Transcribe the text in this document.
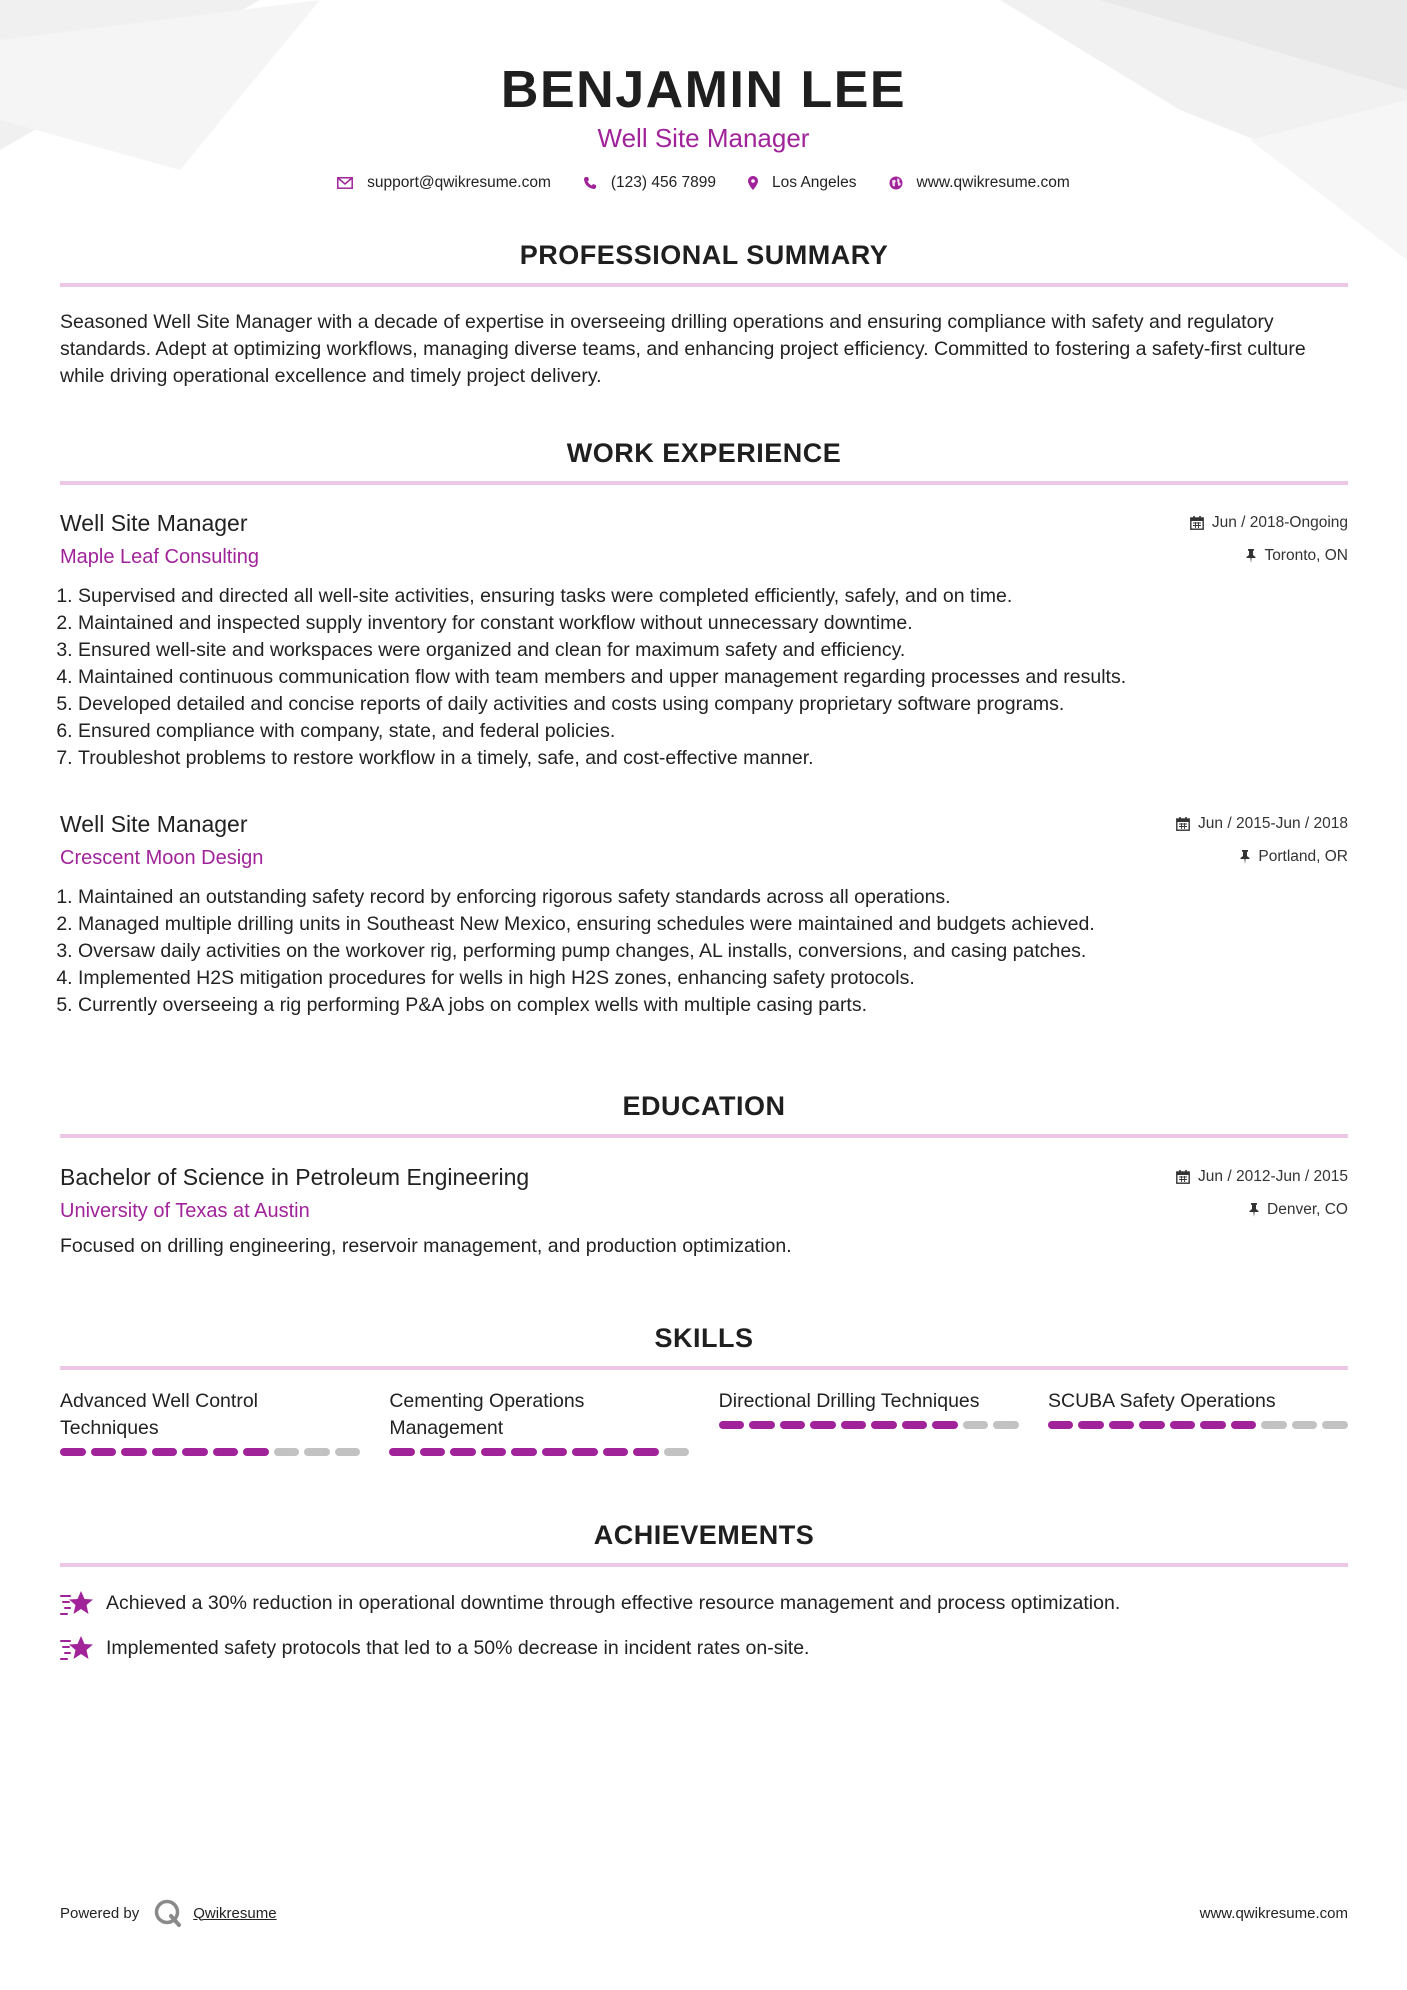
BENJAMIN LEE
Well Site Manager
support@qwikresume.com	(123) 456 7899	Los Angeles	www.qwikresume.com
PROFESSIONAL SUMMARY
Seasoned Well Site Manager with a decade of expertise in overseeing drilling operations and ensuring compliance with safety and regulatory standards. Adept at optimizing workflows, managing diverse teams, and enhancing project efficiency. Committed to fostering a safety-first culture while driving operational excellence and timely project delivery.
WORK EXPERIENCE
Well Site Manager
Maple Leaf Consulting
Jun / 2018-Ongoing
Toronto, ON
1. Supervised and directed all well-site activities, ensuring tasks were completed efficiently, safely, and on time.
2. Maintained and inspected supply inventory for constant workflow without unnecessary downtime.
3. Ensured well-site and workspaces were organized and clean for maximum safety and efficiency.
4. Maintained continuous communication flow with team members and upper management regarding processes and results.
5. Developed detailed and concise reports of daily activities and costs using company proprietary software programs.
6. Ensured compliance with company, state, and federal policies.
7. Troubleshot problems to restore workflow in a timely, safe, and cost-effective manner.
Well Site Manager
Crescent Moon Design
Jun / 2015-Jun / 2018
Portland, OR
1. Maintained an outstanding safety record by enforcing rigorous safety standards across all operations.
2. Managed multiple drilling units in Southeast New Mexico, ensuring schedules were maintained and budgets achieved.
3. Oversaw daily activities on the workover rig, performing pump changes, AL installs, conversions, and casing patches.
4. Implemented H2S mitigation procedures for wells in high H2S zones, enhancing safety protocols.
5. Currently overseeing a rig performing P&A jobs on complex wells with multiple casing parts.
EDUCATION
Bachelor of Science in Petroleum Engineering
University of Texas at Austin
Jun / 2012-Jun / 2015
Denver, CO
Focused on drilling engineering, reservoir management, and production optimization.
SKILLS
Advanced Well Control Techniques
Cementing Operations Management
Directional Drilling Techniques	SCUBA Safety Operations
ACHIEVEMENTS
Achieved a 30% reduction in operational downtime through effective resource management and process optimization.
Implemented safety protocols that led to a 50% decrease in incident rates on-site.
Powered by	Qwikresume	www.qwikresume.com
